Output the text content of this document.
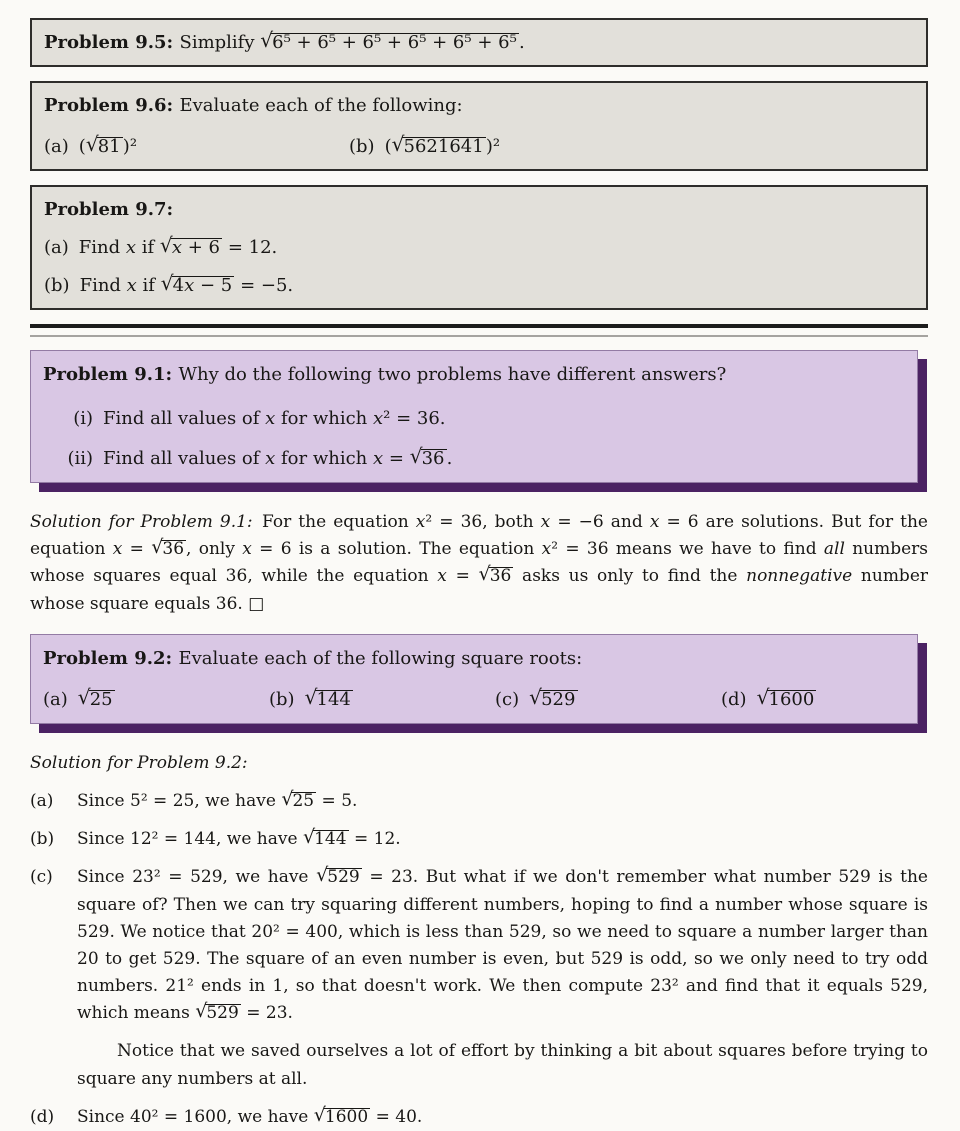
Problem 9.5: Simplify √6⁵ + 6⁵ + 6⁵ + 6⁵ + 6⁵ + 6⁵ .

Problem 9.6: Evaluate each of the following:

(a) (√81 )²	(b) (√5621641 )²

Problem 9.7:

(a) Find x if √x + 6 = 12.
(b) Find x if √4x − 5 = −5.

Problem 9.1: Why do the following two problems have different answers?

(i) Find all values of x for which x² = 36.
(ii) Find all values of x for which x = √36 .

Solution for Problem 9.1: For the equation x² = 36, both x = −6 and x = 6 are solutions. But for the equation x = √36 , only x = 6 is a solution. The equation x² = 36 means we have to find all numbers whose squares equal 36, while the equation x = √36 asks us only to find the nonnegative number whose square equals 36. □

Problem 9.2: Evaluate each of the following square roots:

(a) √25	(b) √144	(c) √529	(d) √1600

Solution for Problem 9.2:

(a)	Since 5² = 25, we have √25 = 5.
(b)	Since 12² = 144, we have √144 = 12.
(c)	Since 23² = 529, we have √529 = 23. But what if we don't remember what number 529 is the square of? Then we can try squaring different numbers, hoping to find a number whose square is 529. We notice that 20² = 400, which is less than 529, so we need to square a number larger than 20 to get 529. The square of an even number is even, but 529 is odd, so we only need to try odd numbers. 21² ends in 1, so that doesn't work. We then compute 23² and find that it equals 529, which means √529 = 23.

Notice that we saved ourselves a lot of effort by thinking a bit about squares before trying to square any numbers at all.

(d)	Since 40² = 1600, we have √1600 = 40.
